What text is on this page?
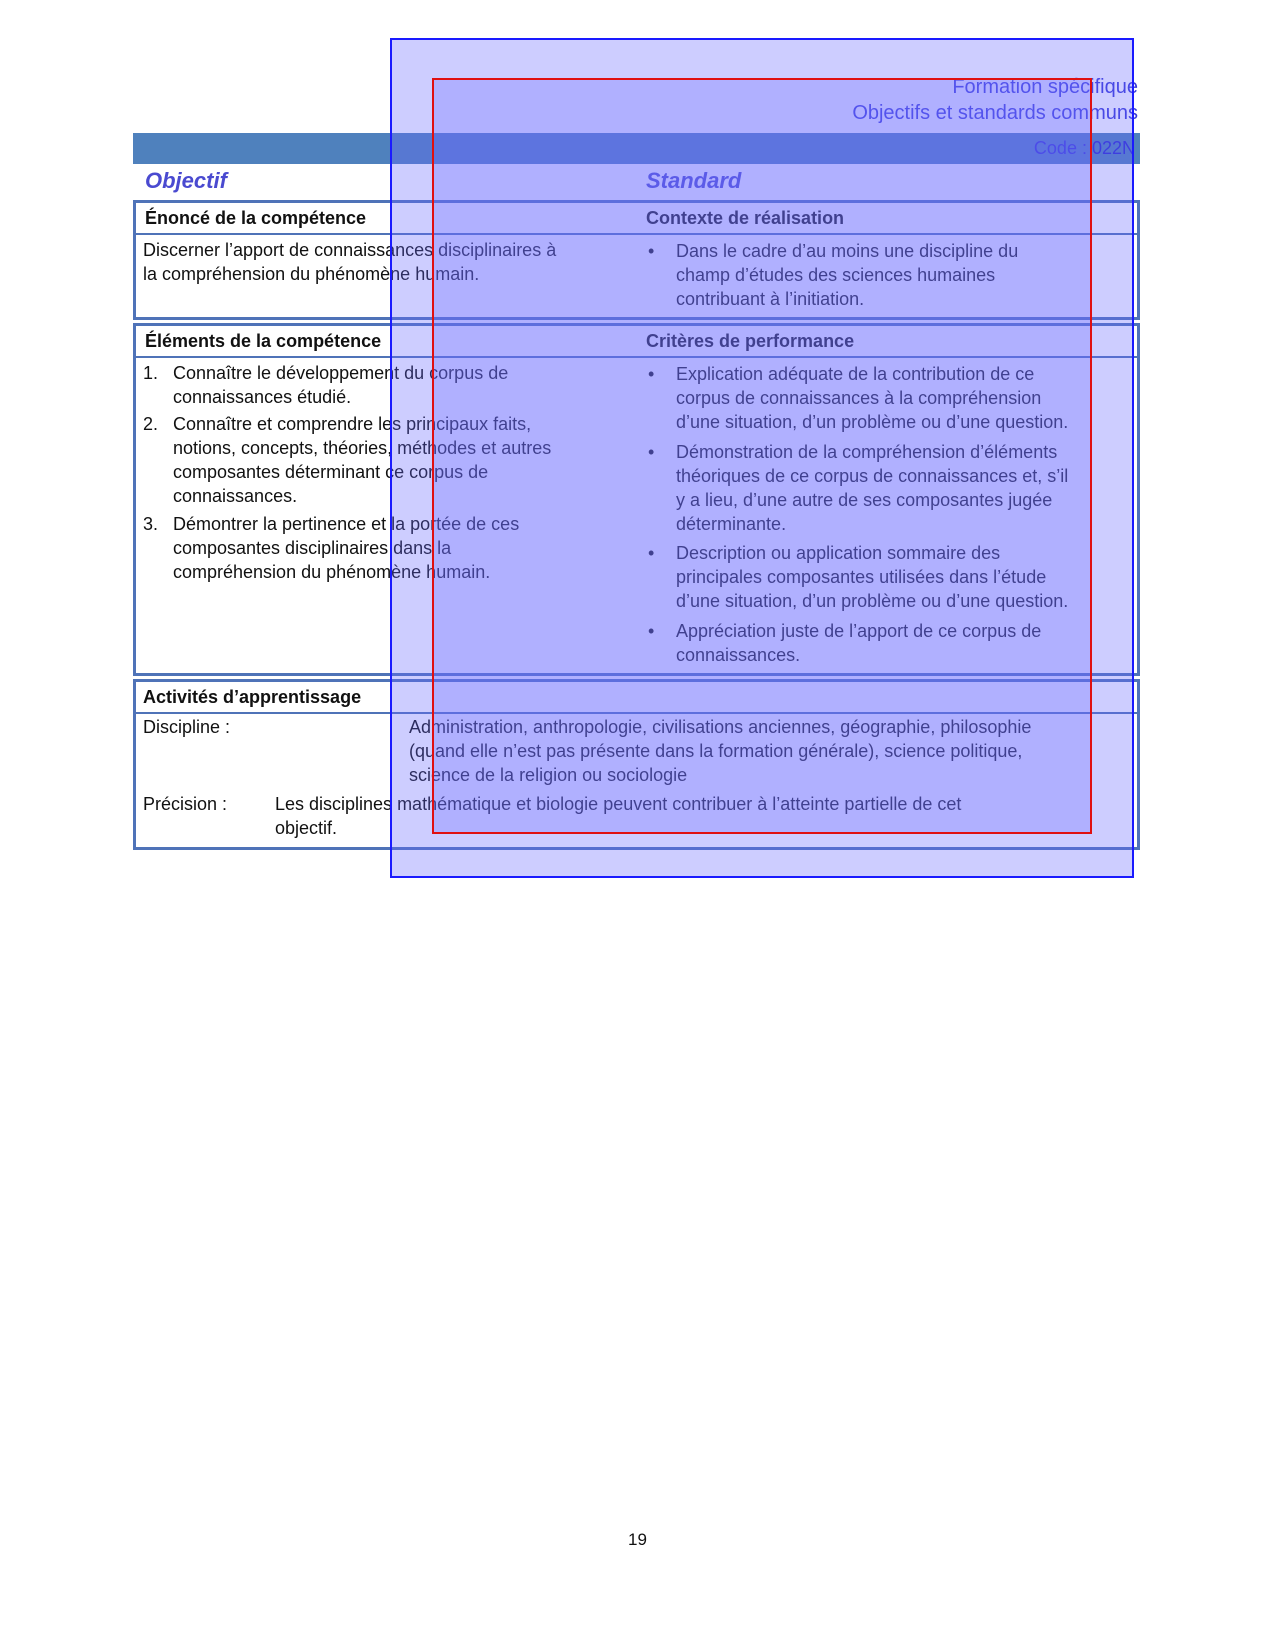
Formation spécifique
Objectifs et standards communs
Code : 022N
Objectif	Standard
Énoncé de la compétence	Contexte de réalisation
Discerner l’apport de connaissances disciplinaires à
la compréhension du phénomène humain.
• Dans le cadre d’au moins une discipline du
champ d’études des sciences humaines
contribuant à l’initiation.
Éléments de la compétence	Critères de performance
1. Connaître le développement du corpus de
connaissances étudié.
2. Connaître et comprendre les principaux faits,
notions, concepts, théories, méthodes et autres
composantes déterminant ce corpus de
connaissances.
3. Démontrer la pertinence et la portée de ces
composantes disciplinaires dans la
compréhension du phénomène humain.
• Explication adéquate de la contribution de ce
corpus de connaissances à la compréhension
d’une situation, d’un problème ou d’une question.
• Démonstration de la compréhension d’éléments
théoriques de ce corpus de connaissances et, s’il
y a lieu, d’une autre de ses composantes jugée
déterminante.
• Description ou application sommaire des
principales composantes utilisées dans l’étude
d’une situation, d’un problème ou d’une question.
• Appréciation juste de l’apport de ce corpus de
connaissances.
Activités d’apprentissage
Discipline :	Administration, anthropologie, civilisations anciennes, géographie, philosophie
(quand elle n’est pas présente dans la formation générale), science politique,
science de la religion ou sociologie
Précision :	Les disciplines mathématique et biologie peuvent contribuer à l’atteinte partielle de cet
objectif.
19
